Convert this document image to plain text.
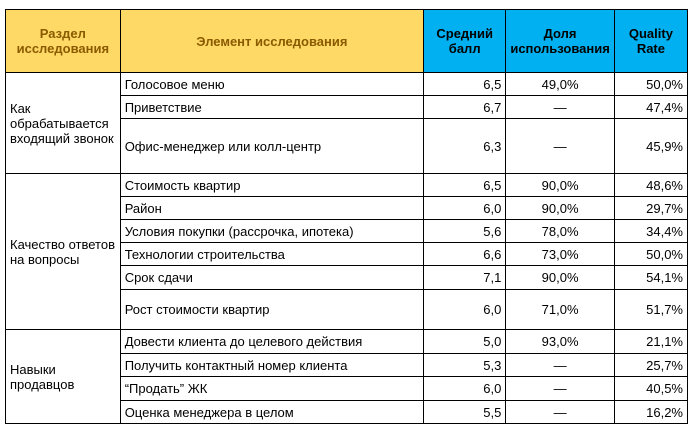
Раздел исследования	Элемент исследования	Средний балл	Доля использования	Quality Rate
Как обрабатывается входящий звонок	Голосовое меню	6,5	49,0%	50,0%
	Приветствие	6,7	—	47,4%
	Офис-менеджер или колл-центр	6,3	—	45,9%
Качество ответов на вопросы	Стоимость квартир	6,5	90,0%	48,6%
	Район	6,0	90,0%	29,7%
	Условия покупки (рассрочка, ипотека)	5,6	78,0%	34,4%
	Технологии строительства	6,6	73,0%	50,0%
	Срок сдачи	7,1	90,0%	54,1%
	Рост стоимости квартир	6,0	71,0%	51,7%
Навыки продавцов	Довести клиента до целевого действия	5,0	93,0%	21,1%
	Получить контактный номер клиента	5,3	—	25,7%
	“Продать” ЖК	6,0	—	40,5%
	Оценка менеджера в целом	5,5	—	16,2%
